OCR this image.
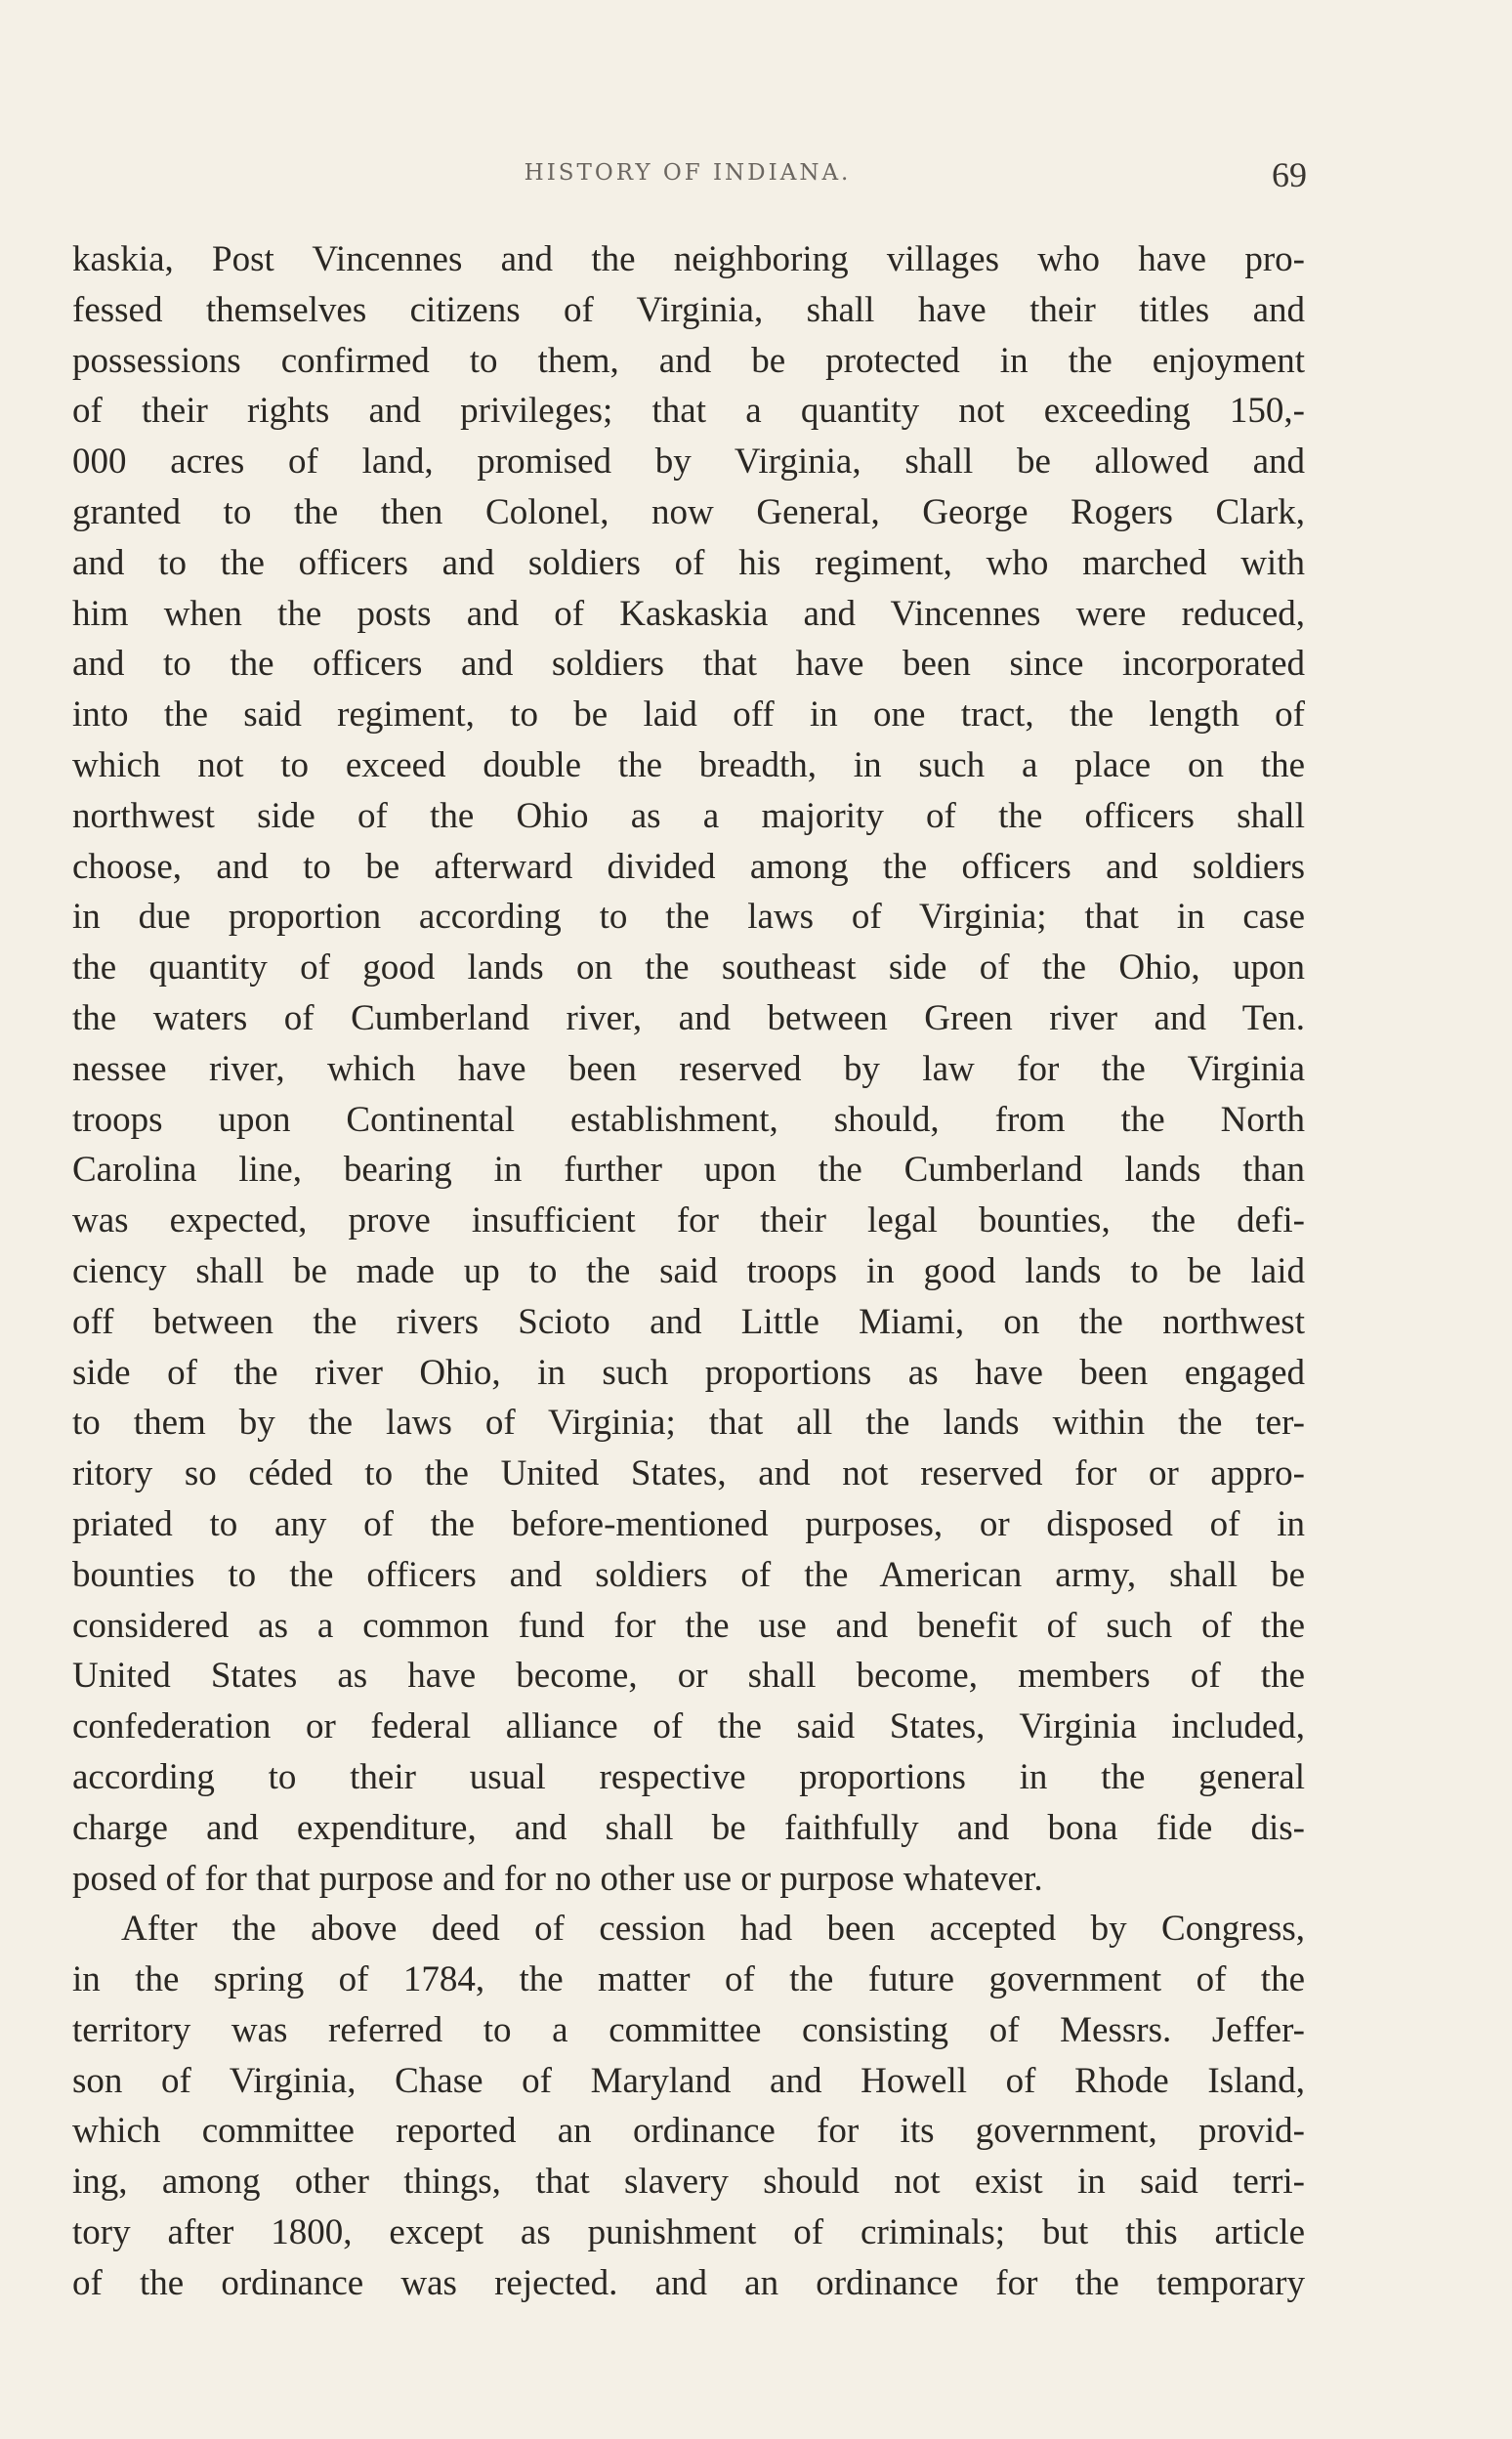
HISTORY OF INDIANA.	69
kaskia, Post Vincennes and the neighboring villages who have pro-
fessed themselves citizens of Virginia, shall have their titles and
possessions confirmed to them, and be protected in the enjoyment
of their rights and privileges; that a quantity not exceeding 150,-
000 acres of land, promised by Virginia, shall be allowed and
granted to the then Colonel, now General, George Rogers Clark,
and to the officers and soldiers of his regiment, who marched with
him when the posts and of Kaskaskia and Vincennes were reduced,
and to the officers and soldiers that have been since incorporated
into the said regiment, to be laid off in one tract, the length of
which not to exceed double the breadth, in such a place on the
northwest side of the Ohio as a majority of the officers shall
choose, and to be afterward divided among the officers and soldiers
in due proportion according to the laws of Virginia; that in case
the quantity of good lands on the southeast side of the Ohio, upon
the waters of Cumberland river, and between Green river and Ten.
nessee river, which have been reserved by law for the Virginia
troops upon Continental establishment, should, from the North
Carolina line, bearing in further upon the Cumberland lands than
was expected, prove insufficient for their legal bounties, the defi-
ciency shall be made up to the said troops in good lands to be laid
off between the rivers Scioto and Little Miami, on the northwest
side of the river Ohio, in such proportions as have been engaged
to them by the laws of Virginia; that all the lands within the ter-
ritory so céded to the United States, and not reserved for or appro-
priated to any of the before-mentioned purposes, or disposed of in
bounties to the officers and soldiers of the American army, shall be
considered as a common fund for the use and benefit of such of the
United States as have become, or shall become, members of the
confederation or federal alliance of the said States, Virginia included,
according to their usual respective proportions in the general
charge and expenditure, and shall be faithfully and bona fide dis-
posed of for that purpose and for no other use or purpose whatever.
After the above deed of cession had been accepted by Congress,
in the spring of 1784, the matter of the future government of the
territory was referred to a committee consisting of Messrs. Jeffer-
son of Virginia, Chase of Maryland and Howell of Rhode Island,
which committee reported an ordinance for its government, provid-
ing, among other things, that slavery should not exist in said terri-
tory after 1800, except as punishment of criminals; but this article
of the ordinance was rejected. and an ordinance for the temporary
